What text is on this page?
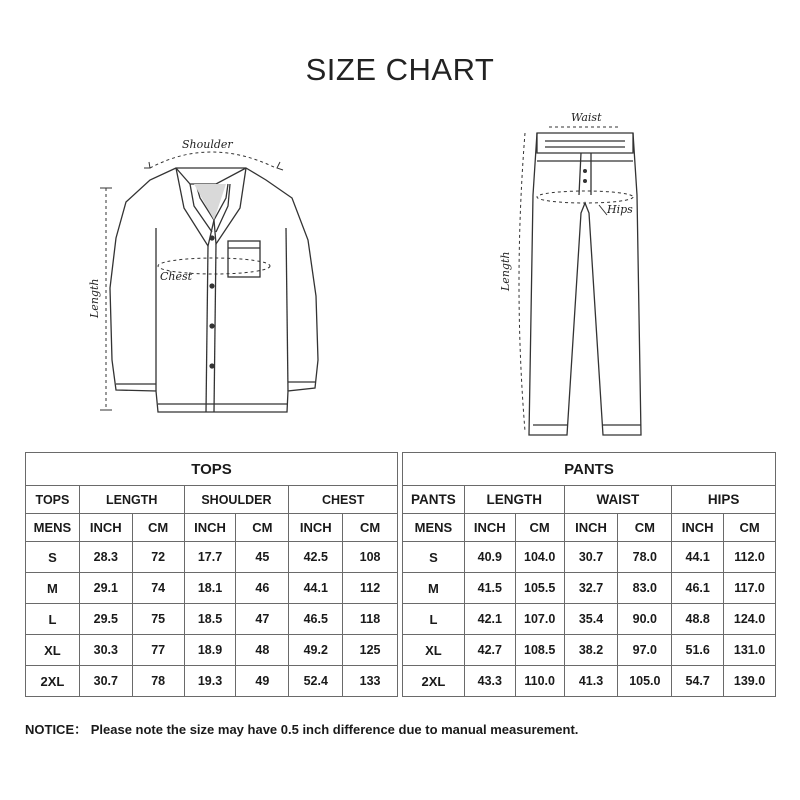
SIZE CHART
Shoulder
Chest
Length
Waist
Hips
Length
TOPS						
TOPS	LENGTH		SHOULDER		CHEST	
MENS	INCH	CM	INCH	CM	INCH	CM
S	28.3	72	17.7	45	42.5	108
M	29.1	74	18.1	46	44.1	112
L	29.5	75	18.5	47	46.5	118
XL	30.3	77	18.9	48	49.2	125
2XL	30.7	78	19.3	49	52.4	133
PANTS						
PANTS	LENGTH		WAIST		HIPS	
MENS	INCH	CM	INCH	CM	INCH	CM
S	40.9	104.0	30.7	78.0	44.1	112.0
M	41.5	105.5	32.7	83.0	46.1	117.0
L	42.1	107.0	35.4	90.0	48.8	124.0
XL	42.7	108.5	38.2	97.0	51.6	131.0
2XL	43.3	110.0	41.3	105.0	54.7	139.0
NOTICE： Please note the size may have 0.5 inch difference due to manual measurement.
